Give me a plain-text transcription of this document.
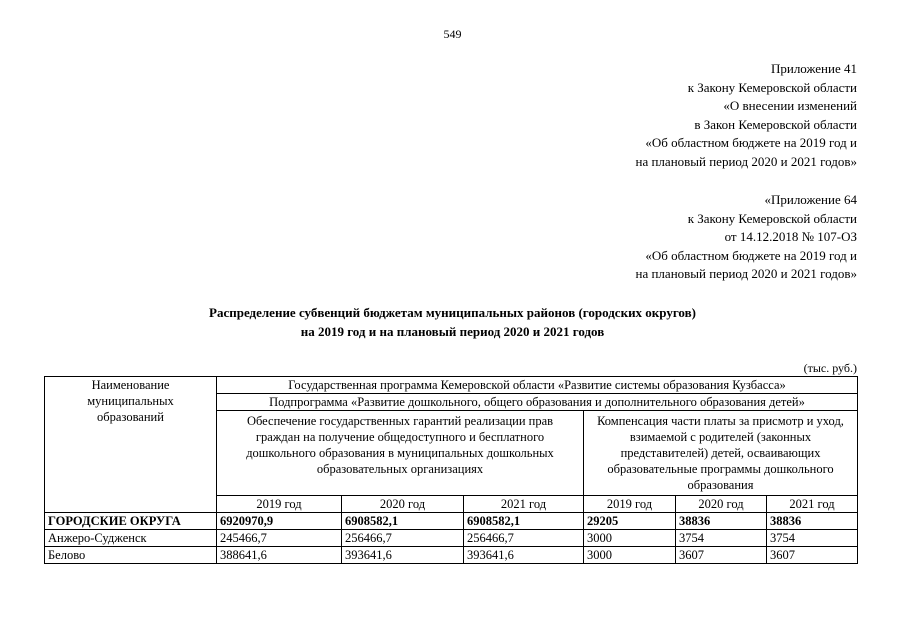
549
Приложение 41
к Закону Кемеровской области
«О внесении изменений
в Закон Кемеровской области
«Об областном бюджете на 2019 год и
на плановый период 2020 и 2021 годов»
«Приложение 64
к Закону Кемеровской области
от 14.12.2018 № 107-ОЗ
«Об областном бюджете на 2019 год и
на плановый период 2020 и 2021 годов»
Распределение субвенций бюджетам муниципальных районов (городских округов)
на 2019 год и на плановый период 2020 и 2021 годов
(тыс. руб.)
Наименование муниципальных образований	Государственная программа Кемеровской области «Развитие системы образования Кузбасса»					
	Подпрограмма «Развитие дошкольного, общего образования и дополнительного образования детей»					
	Обеспечение государственных гарантий реализации прав граждан на получение общедоступного и бесплатного дошкольного образования в муниципальных дошкольных образовательных организациях			Компенсация части платы за присмотр и уход, взимаемой с родителей (законных представителей) детей, осваивающих образовательные программы дошкольного образования		
	2019 год	2020 год	2021 год	2019 год	2020 год	2021 год
ГОРОДСКИЕ ОКРУГА	6920970,9	6908582,1	6908582,1	29205	38836	38836
Анжеро-Судженск	245466,7	256466,7	256466,7	3000	3754	3754
Белово	388641,6	393641,6	393641,6	3000	3607	3607
